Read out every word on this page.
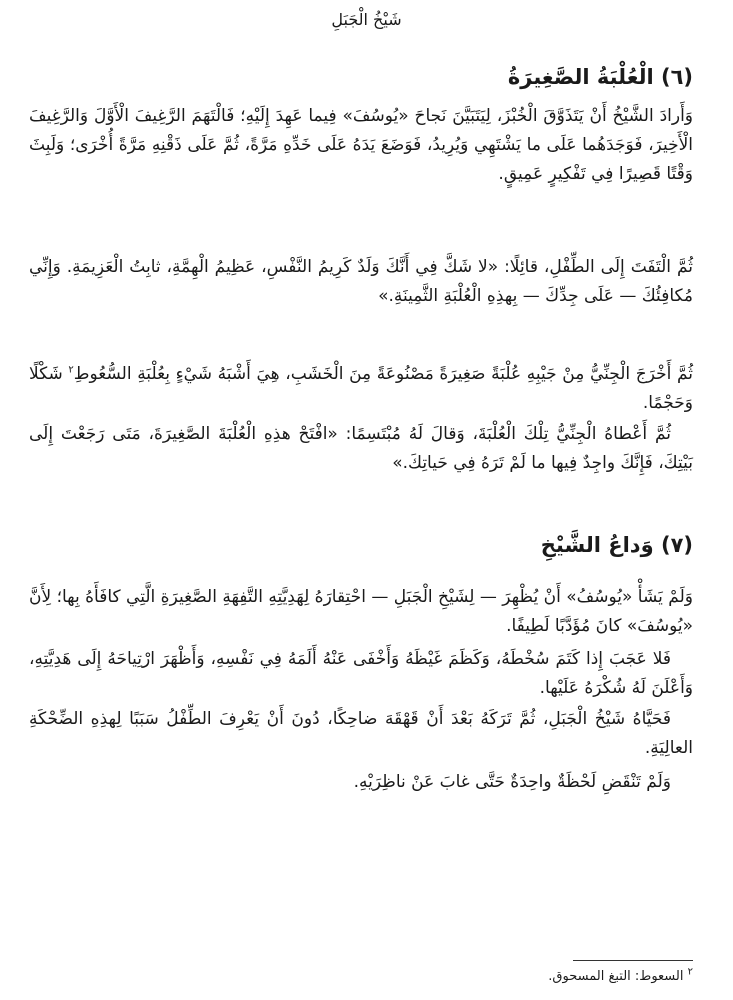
شَيْخُ الْجَبَلِ
(٦) الْعُلْبَةُ الصَّغِيرَةُ

وَأَرادَ الشَّيْخُ أَنْ يَتَذَوَّقَ الْخُبْزَ، لِيَتَبَيَّنَ نَجاحَ «يُوسُفَ» فِيما عَهِدَ إِلَيْهِ؛ فَالْتَهَمَ الرَّغِيفَ الْأَوَّلَ وَالرَّغِيفَ الْأَخِيرَ، فَوَجَدَهُما عَلَى ما يَشْتَهِي وَيُرِيدُ، فَوَضَعَ يَدَهُ عَلَى خَدِّهِ مَرَّةً، ثُمَّ عَلَى ذَقْنِهِ مَرَّةً أُخْرَى؛ وَلَبِثَ وَقْتًا قَصِيرًا فِي تَفْكِيرٍ عَمِيقٍ.

ثُمَّ الْتَفَتَ إِلَى الطِّفْلِ، قائِلًا: «لا شَكَّ فِي أَنَّكَ وَلَدٌ كَرِيمُ النَّفْسِ، عَظِيمُ الْهِمَّةِ، ثابِتُ الْعَزِيمَةِ. وَإِنِّي مُكافِئُكَ — عَلَى جِدِّكَ — بِهذِهِ الْعُلْبَةِ الثَّمِينَةِ.»

ثُمَّ أَخْرَجَ الْجِنِّيُّ مِنْ جَيْبِهِ عُلْبَةً صَغِيرَةً مَصْنُوعَةً مِنَ الْخَشَبِ، هِيَ أَشْبَهُ شَيْءٍ بِعُلْبَةِ السُّعُوطِ$^٢$ شَكْلًا وَحَجْمًا.

ثُمَّ أَعْطاهُ الْجِنِّيُّ تِلْكَ الْعُلْبَةَ، وَقالَ لَهُ مُبْتَسِمًا: «افْتَحْ هذِهِ الْعُلْبَةَ الصَّغِيرَةَ، مَتَى رَجَعْتَ إِلَى بَيْتِكَ، فَإِنَّكَ واجِدٌ فِيها ما لَمْ تَرَهُ فِي حَياتِكَ.»

(٧) وَداعُ الشَّيْخِ

وَلَمْ يَشَأْ «يُوسُفُ» أَنْ يُظْهِرَ — لِشَيْخِ الْجَبَلِ — احْتِقارَهُ لِهَدِيَّتِهِ التَّفِهَةِ الصَّغِيرَةِ الَّتِي كافَأَهُ بِها؛ لِأَنَّ «يُوسُفَ» كانَ مُؤَدَّبًا لَطِيفًا.

فَلا عَجَبَ إِذا كَتَمَ سُخْطَهُ، وَكَظَمَ غَيْظَهُ وَأَخْفَى عَنْهُ أَلَمَهُ فِي نَفْسِهِ، وَأَظْهَرَ ارْتِياحَهُ إِلَى هَدِيَّتِهِ، وَأَعْلَنَ لَهُ شُكْرَهُ عَلَيْها.

فَحَيَّاهُ شَيْخُ الْجَبَلِ، ثُمَّ تَرَكَهُ بَعْدَ أَنْ قَهْقَهَ ضاحِكًا، دُونَ أَنْ يَعْرِفَ الطِّفْلُ سَبَبًا لِهذِهِ الضِّحْكَةِ العالِيَةِ.

وَلَمْ تَنْقَضِ لَحْظَةٌ واحِدَةٌ حَتَّى غابَ عَنْ ناظِرَيْهِ.

$^٢$ السعوط: التبغ المسحوق.
